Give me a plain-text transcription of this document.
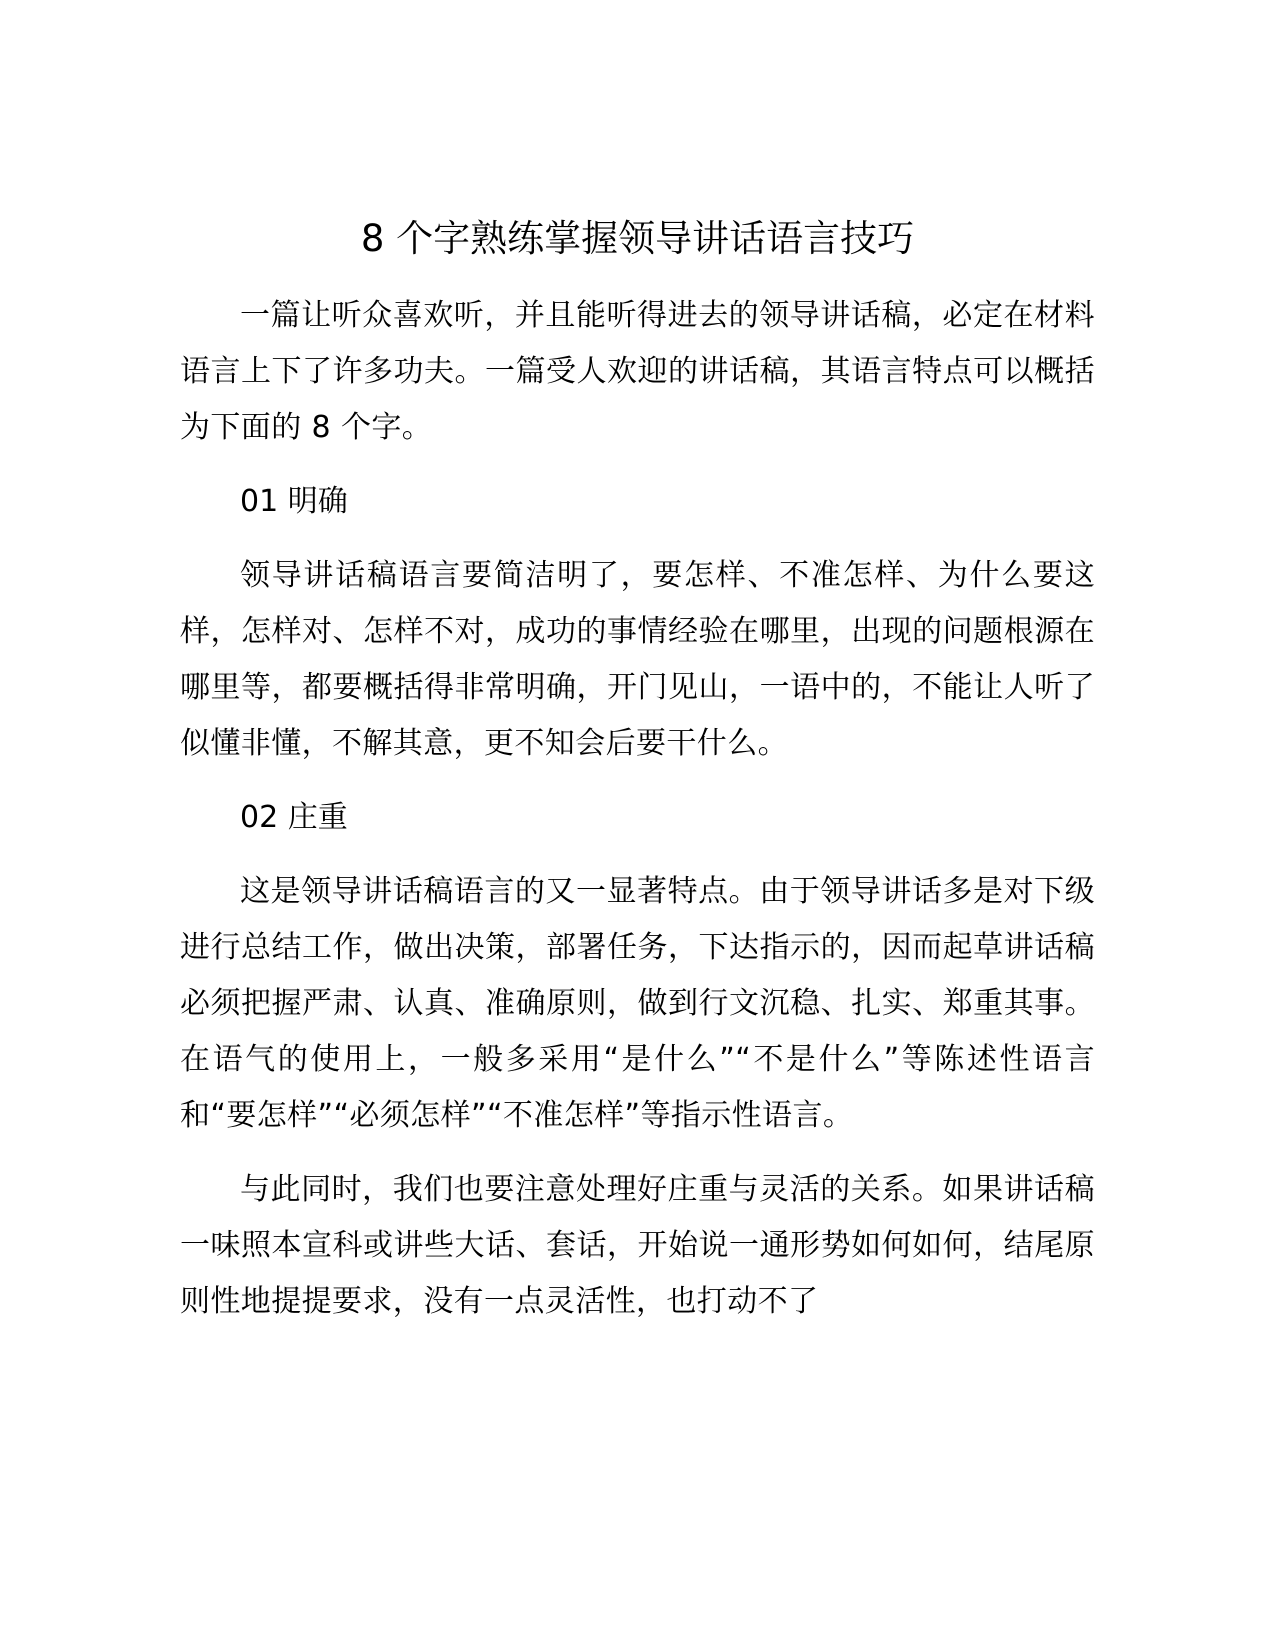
8 个字熟练掌握领导讲话语言技巧

一篇让听众喜欢听，并且能听得进去的领导讲话稿，必定在材料语言上下了许多功夫。一篇受人欢迎的讲话稿，其语言特点可以概括为下面的 8 个字。

01 明确

领导讲话稿语言要简洁明了，要怎样、不准怎样、为什么要这样，怎样对、怎样不对，成功的事情经验在哪里，出现的问题根源在哪里等，都要概括得非常明确，开门见山，一语中的，不能让人听了似懂非懂，不解其意，更不知会后要干什么。

02 庄重

这是领导讲话稿语言的又一显著特点。由于领导讲话多是对下级进行总结工作，做出决策，部署任务，下达指示的，因而起草讲话稿必须把握严肃、认真、准确原则，做到行文沉稳、扎实、郑重其事。在语气的使用上，一般多采用“是什么”“不是什么”等陈述性语言和“要怎样”“必须怎样”“不准怎样”等指示性语言。

与此同时，我们也要注意处理好庄重与灵活的关系。如果讲话稿一味照本宣科或讲些大话、套话，开始说一通形势如何如何，结尾原则性地提提要求，没有一点灵活性，也打动不了
